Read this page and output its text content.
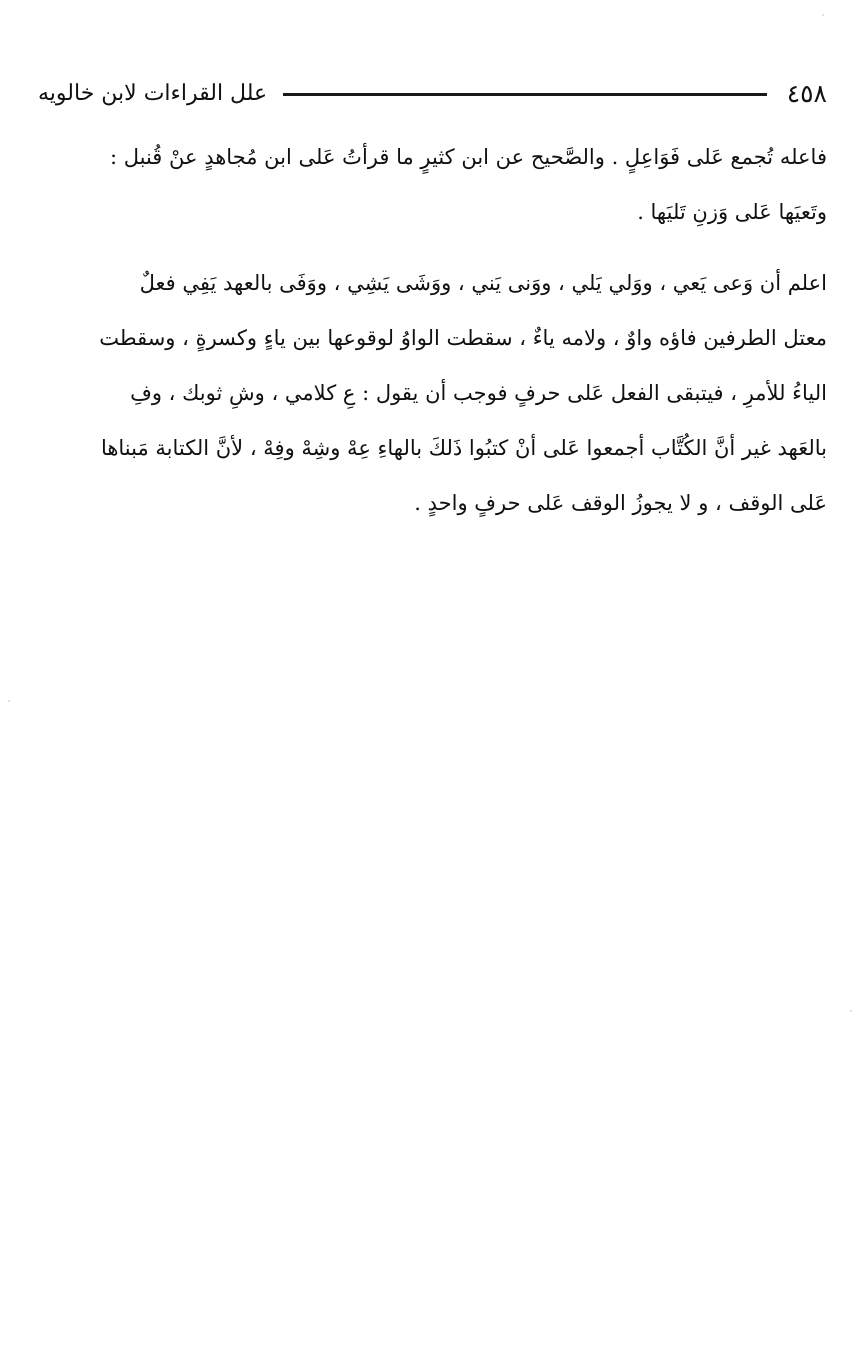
٤٥٨
علل القراءات لابن خالويه
فاعله تُجمع عَلى فَوَاعِلٍ . والصَّحيح عن ابن كثيرٍ ما قرأتُ عَلى ابن مُجاهدٍ عنْ قُنبل :
وتَعيَها عَلى وَزنِ تَليَها .
اعلم أن وَعى يَعي ، ووَلي يَلي ، ووَنى يَني ، ووَشَى يَشِي ، ووَفَى بالعهد يَفِي فعلٌ
معتل الطرفين فاؤه واوٌ ، ولامه ياءٌ ، سقطت الواوُ لوقوعها بين ياءٍ وكسرةٍ ، وسقطت
الياءُ للأمرِ ، فيتبقى الفعل عَلى حرفٍ فوجب أن يقول : عِ كلامي ، وشِ ثوبك ، وفِ
بالعَهد غير أنَّ الكُتَّاب أجمعوا عَلى أنْ كتبُوا ذَلكَ بالهاءِ عِهْ وشِهْ وفِهْ ، لأنَّ الكتابة مَبناها
عَلى الوقف ، و لا يجوزُ الوقف عَلى حرفٍ واحدٍ .
